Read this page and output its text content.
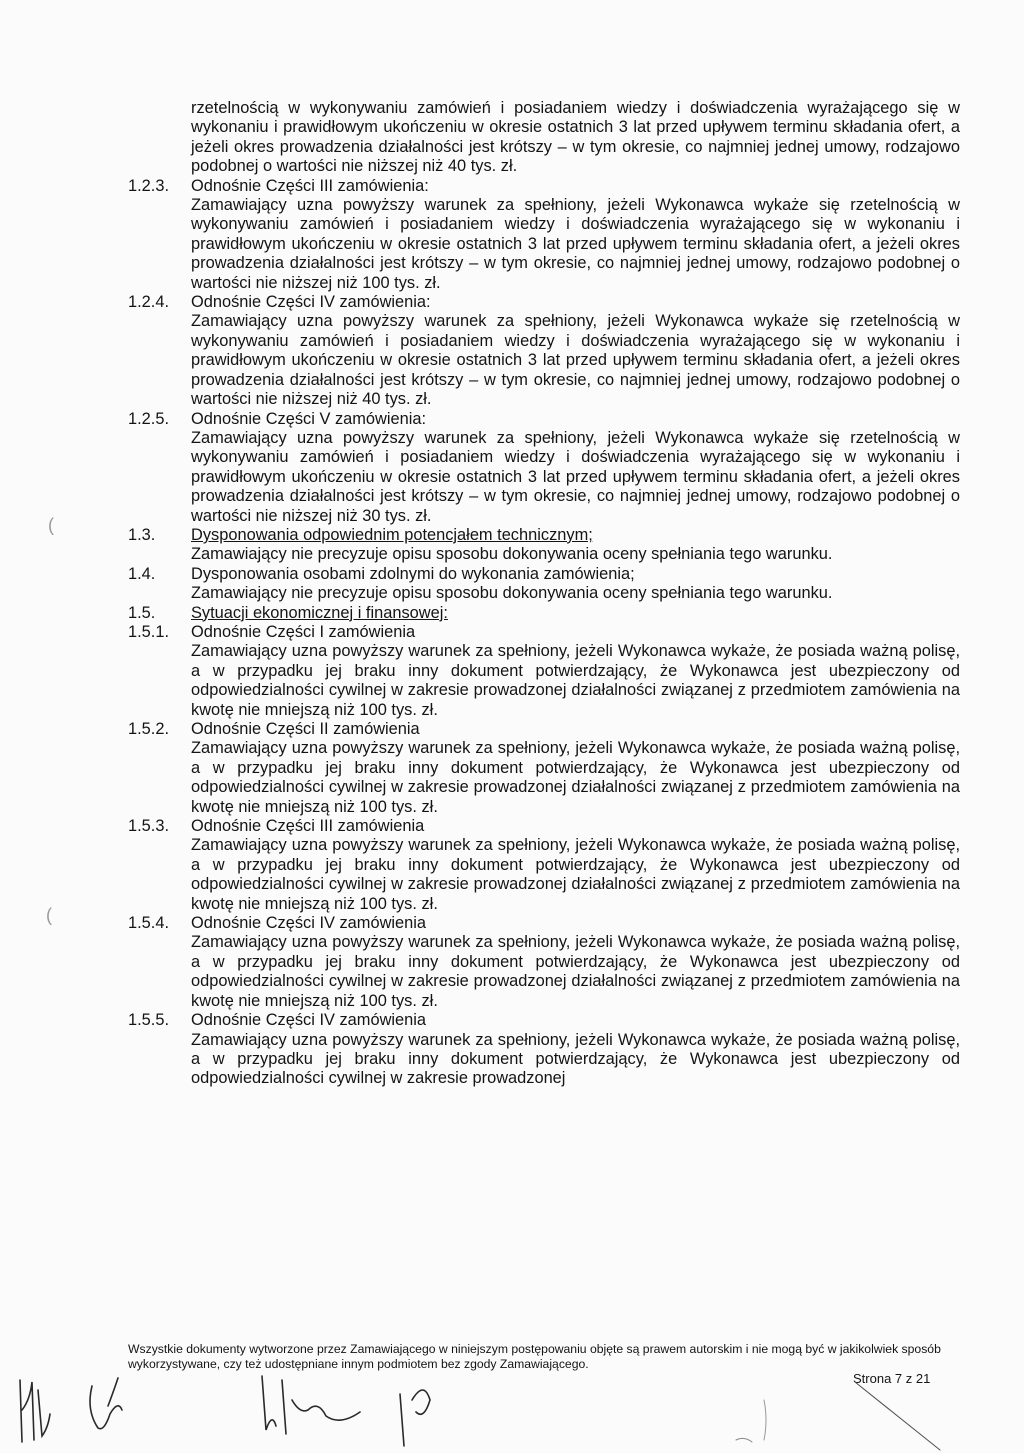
(
(
rzetelnością w wykonywaniu zamówień i posiadaniem wiedzy i doświadczenia wyrażającego się w wykonaniu i prawidłowym ukończeniu w okresie ostatnich 3 lat przed upływem terminu składania ofert, a jeżeli okres prowadzenia działalności jest krótszy – w tym okresie, co najmniej jednej umowy, rodzajowo podobnej o wartości nie niższej niż 40 tys. zł.
1.2.3.	Odnośnie Części III zamówienia:
Zamawiający uzna powyższy warunek za spełniony, jeżeli Wykonawca wykaże się rzetelnością w wykonywaniu zamówień i posiadaniem wiedzy i doświadczenia wyrażającego się w wykonaniu i prawidłowym ukończeniu w okresie ostatnich 3 lat przed upływem terminu składania ofert, a jeżeli okres prowadzenia działalności jest krótszy – w tym okresie, co najmniej jednej umowy, rodzajowo podobnej o wartości nie niższej niż 100 tys. zł.
1.2.4.	Odnośnie Części IV zamówienia:
Zamawiający uzna powyższy warunek za spełniony, jeżeli Wykonawca wykaże się rzetelnością w wykonywaniu zamówień i posiadaniem wiedzy i doświadczenia wyrażającego się w wykonaniu i prawidłowym ukończeniu w okresie ostatnich 3 lat przed upływem terminu składania ofert, a jeżeli okres prowadzenia działalności jest krótszy – w tym okresie, co najmniej jednej umowy, rodzajowo podobnej o wartości nie niższej niż 40 tys. zł.
1.2.5.	Odnośnie Części V zamówienia:
Zamawiający uzna powyższy warunek za spełniony, jeżeli Wykonawca wykaże się rzetelnością w wykonywaniu zamówień i posiadaniem wiedzy i doświadczenia wyrażającego się w wykonaniu i prawidłowym ukończeniu w okresie ostatnich 3 lat przed upływem terminu składania ofert, a jeżeli okres prowadzenia działalności jest krótszy – w tym okresie, co najmniej jednej umowy, rodzajowo podobnej o wartości nie niższej niż 30 tys. zł.
1.3.	Dysponowania odpowiednim potencjałem technicznym;
Zamawiający nie precyzuje opisu sposobu dokonywania oceny spełniania tego warunku.
1.4.	Dysponowania osobami zdolnymi do wykonania zamówienia;
Zamawiający nie precyzuje opisu sposobu dokonywania oceny spełniania tego warunku.
1.5.	Sytuacji ekonomicznej i finansowej:
1.5.1.	Odnośnie Części I zamówienia
Zamawiający uzna powyższy warunek za spełniony, jeżeli Wykonawca wykaże, że posiada ważną polisę, a w przypadku jej braku inny dokument potwierdzający, że Wykonawca jest ubezpieczony od odpowiedzialności cywilnej w zakresie prowadzonej działalności związanej z przedmiotem zamówienia na kwotę nie mniejszą niż 100 tys. zł.
1.5.2.	Odnośnie Części II zamówienia
Zamawiający uzna powyższy warunek za spełniony, jeżeli Wykonawca wykaże, że posiada ważną polisę, a w przypadku jej braku inny dokument potwierdzający, że Wykonawca jest ubezpieczony od odpowiedzialności cywilnej w zakresie prowadzonej działalności związanej z przedmiotem zamówienia na kwotę nie mniejszą niż 100 tys. zł.
1.5.3.	Odnośnie Części III zamówienia
Zamawiający uzna powyższy warunek za spełniony, jeżeli Wykonawca wykaże, że posiada ważną polisę, a w przypadku jej braku inny dokument potwierdzający, że Wykonawca jest ubezpieczony od odpowiedzialności cywilnej w zakresie prowadzonej działalności związanej z przedmiotem zamówienia na kwotę nie mniejszą niż 100 tys. zł.
1.5.4.	Odnośnie Części IV zamówienia
Zamawiający uzna powyższy warunek za spełniony, jeżeli Wykonawca wykaże, że posiada ważną polisę, a w przypadku jej braku inny dokument potwierdzający, że Wykonawca jest ubezpieczony od odpowiedzialności cywilnej w zakresie prowadzonej działalności związanej z przedmiotem zamówienia na kwotę nie mniejszą niż 100 tys. zł.
1.5.5.	Odnośnie Części IV zamówienia
Zamawiający uzna powyższy warunek za spełniony, jeżeli Wykonawca wykaże, że posiada ważną polisę, a w przypadku jej braku inny dokument potwierdzający, że Wykonawca jest ubezpieczony od odpowiedzialności cywilnej w zakresie prowadzonej
Wszystkie dokumenty wytworzone przez Zamawiającego w niniejszym postępowaniu objęte są prawem autorskim i nie mogą być w jakikolwiek sposób wykorzystywane, czy też udostępniane innym podmiotem bez zgody Zamawiającego.
Strona 7 z 21
